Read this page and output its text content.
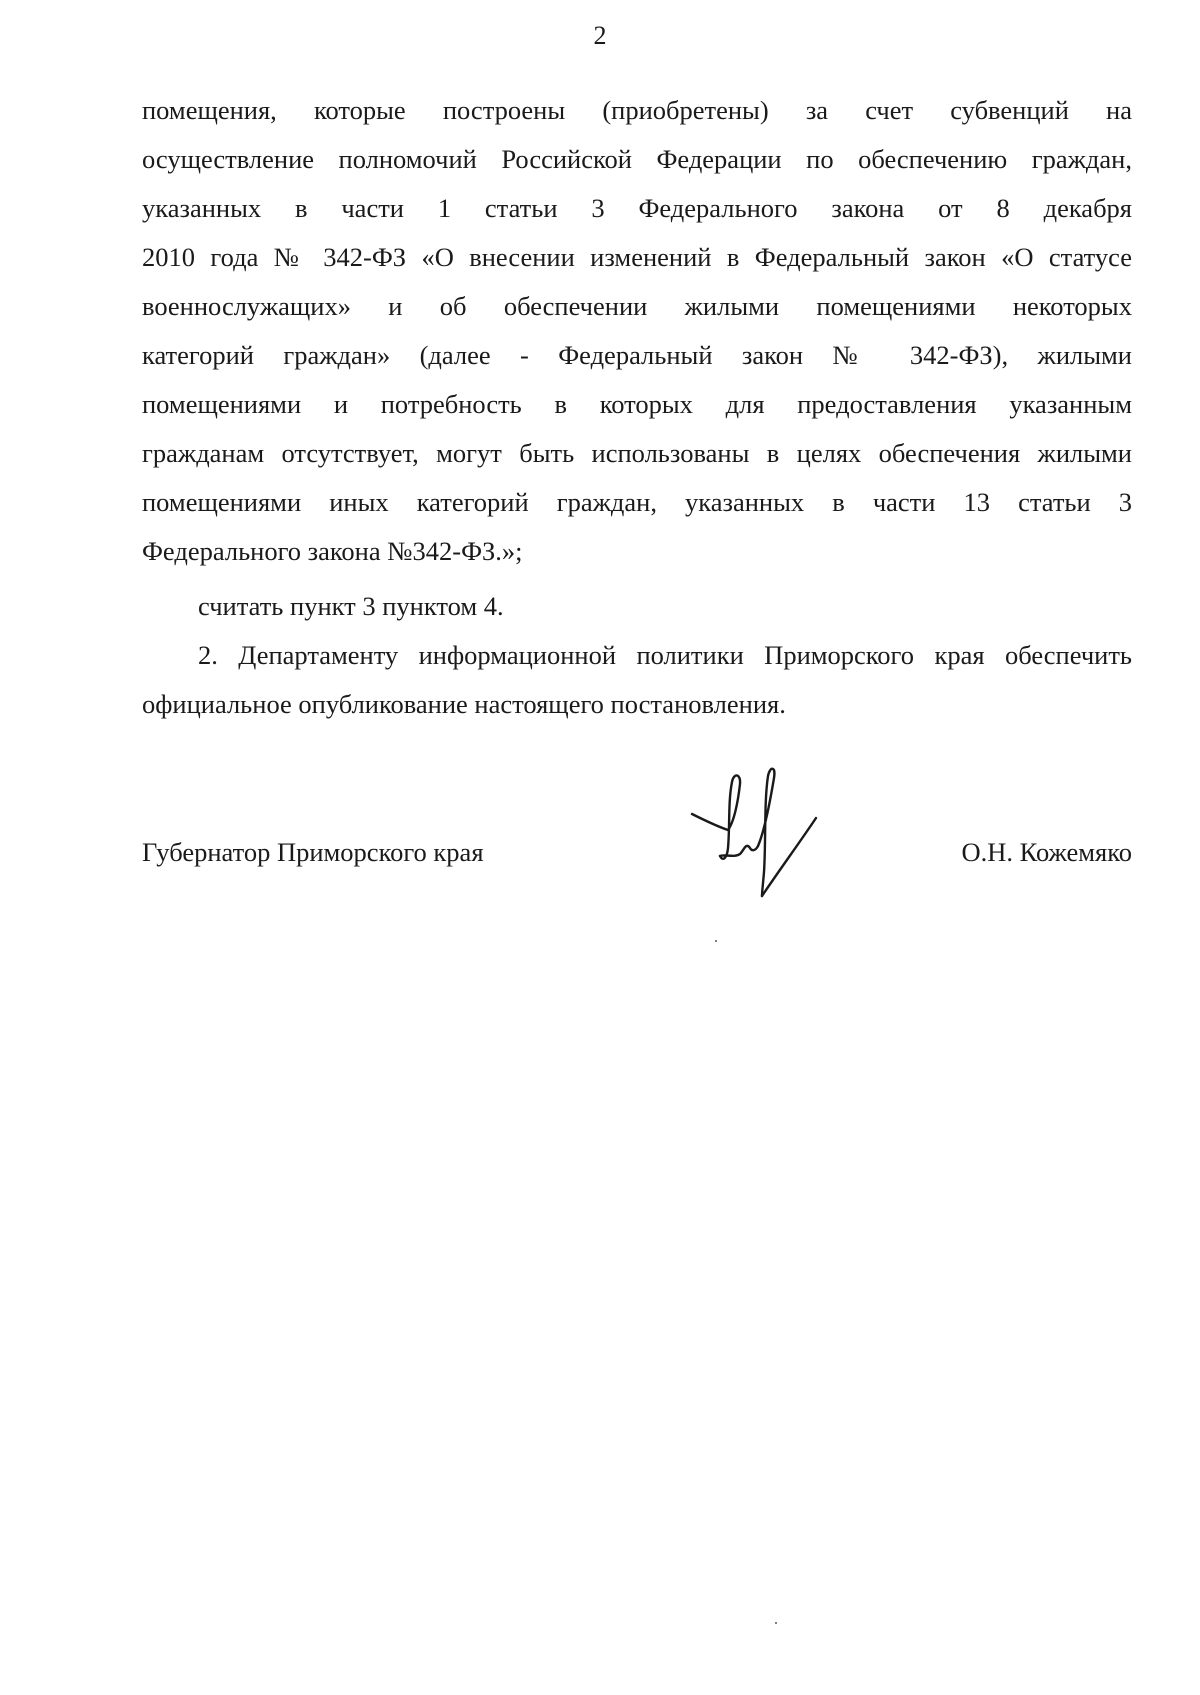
2

помещения, которые построены (приобретены) за счет субвенций на

осуществление полномочий Российской Федерации по обеспечению граждан,

указанных в части 1 статьи 3 Федерального закона от 8 декабря

2010 года № 342-ФЗ «О внесении изменений в Федеральный закон «О статусе

военнослужащих» и об обеспечении жилыми помещениями некоторых

категорий граждан» (далее - Федеральный закон № 342-ФЗ), жилыми

помещениями и потребность в которых для предоставления указанным

гражданам отсутствует, могут быть использованы в целях обеспечения жилыми

помещениями иных категорий граждан, указанных в части 13 статьи 3

Федерального закона №342-ФЗ.»;

считать пункт 3 пунктом 4.

2. Департаменту информационной политики Приморского края обеспечить

официальное опубликование настоящего постановления.

Губернатор Приморского края	О.Н. Кожемяко
